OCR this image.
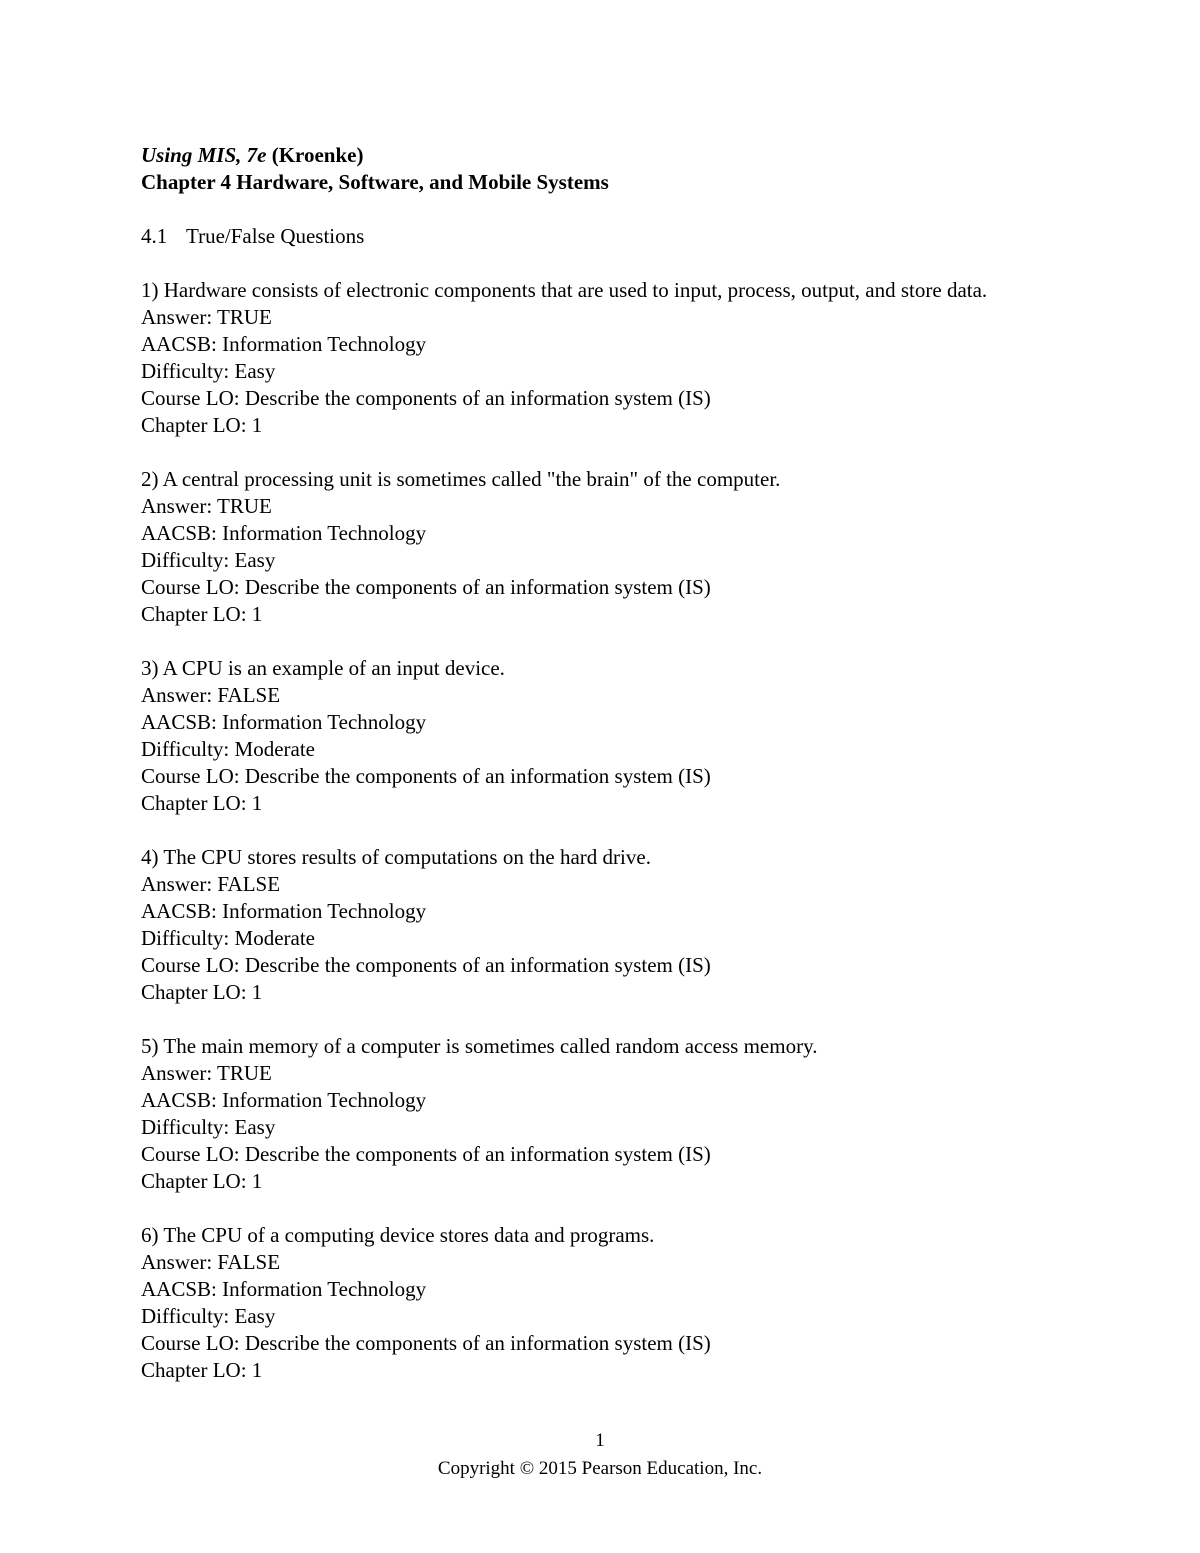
Using MIS, 7e (Kroenke)
Chapter 4 Hardware, Software, and Mobile Systems
4.1 True/False Questions
1) Hardware consists of electronic components that are used to input, process, output, and store data.
Answer: TRUE
AACSB: Information Technology
Difficulty: Easy
Course LO: Describe the components of an information system (IS)
Chapter LO: 1
2) A central processing unit is sometimes called "the brain" of the computer.
Answer: TRUE
AACSB: Information Technology
Difficulty: Easy
Course LO: Describe the components of an information system (IS)
Chapter LO: 1
3) A CPU is an example of an input device.
Answer: FALSE
AACSB: Information Technology
Difficulty: Moderate
Course LO: Describe the components of an information system (IS)
Chapter LO: 1
4) The CPU stores results of computations on the hard drive.
Answer: FALSE
AACSB: Information Technology
Difficulty: Moderate
Course LO: Describe the components of an information system (IS)
Chapter LO: 1
5) The main memory of a computer is sometimes called random access memory.
Answer: TRUE
AACSB: Information Technology
Difficulty: Easy
Course LO: Describe the components of an information system (IS)
Chapter LO: 1
6) The CPU of a computing device stores data and programs.
Answer: FALSE
AACSB: Information Technology
Difficulty: Easy
Course LO: Describe the components of an information system (IS)
Chapter LO: 1
1
Copyright © 2015 Pearson Education, Inc.
